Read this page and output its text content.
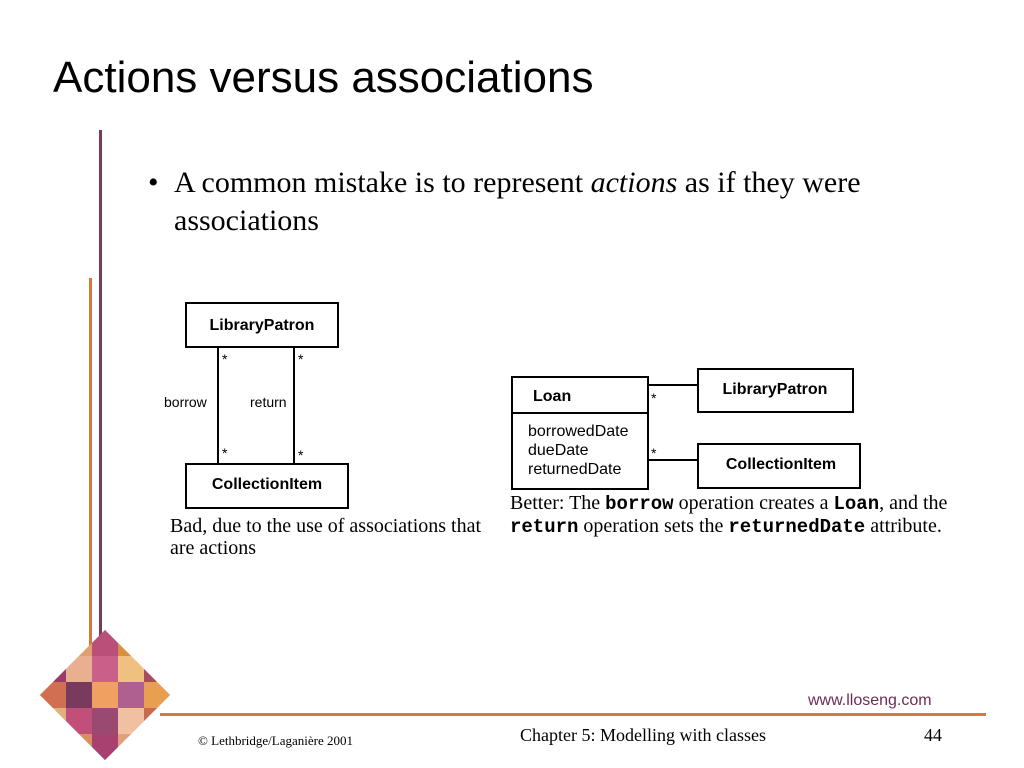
Actions versus associations
• A common mistake is to represent actions as if they were associations
LibraryPatron
CollectionItem
*	*
*	*
borrow	return	Loan
borrowedDate
dueDate
returnedDate
LibraryPatron
CollectionItem
*
*
Bad, due to the use of associations that are actions
Better: The borrow operation creates a Loan, and the return operation sets the returnedDate attribute.
www.lloseng.com
© Lethbridge/Laganière 2001	Chapter 5: Modelling with classes	44
